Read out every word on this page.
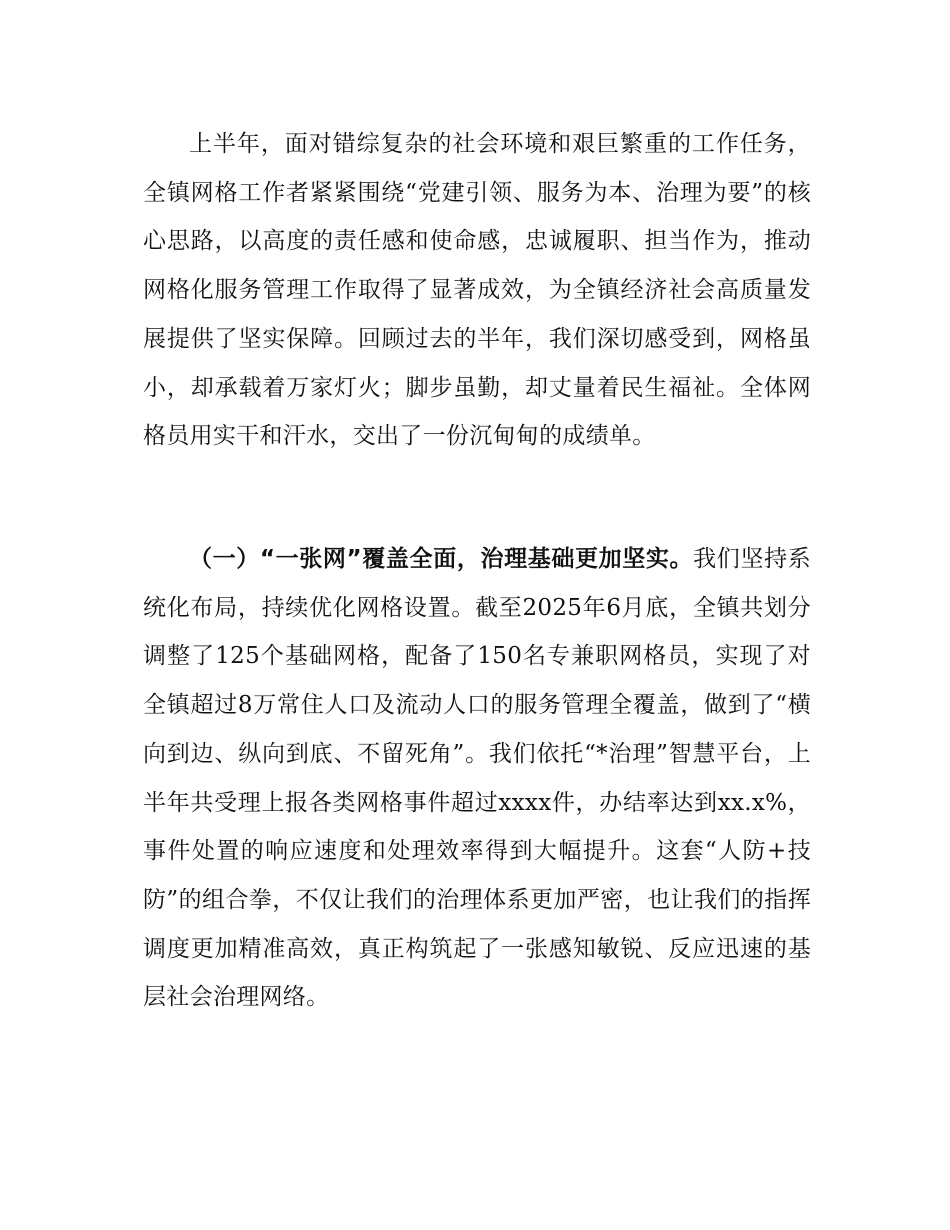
上半年，面对错综复杂的社会环境和艰巨繁重的工作任务，全镇网格工作者紧紧围绕“党建引领、服务为本、治理为要”的核心思路，以高度的责任感和使命感，忠诚履职、担当作为，推动网格化服务管理工作取得了显著成效，为全镇经济社会高质量发展提供了坚实保障。回顾过去的半年，我们深切感受到，网格虽小，却承载着万家灯火；脚步虽勤，却丈量着民生福祉。全体网格员用实干和汗水，交出了一份沉甸甸的成绩单。

（一）“一张网”覆盖全面，治理基础更加坚实。我们坚持系统化布局，持续优化网格设置。截至2025年6月底，全镇共划分调整了125个基础网格，配备了150名专兼职网格员，实现了对全镇超过8万常住人口及流动人口的服务管理全覆盖，做到了“横向到边、纵向到底、不留死角”。我们依托“*治理”智慧平台，上半年共受理上报各类网格事件超过xxxx件，办结率达到xx.x%，事件处置的响应速度和处理效率得到大幅提升。这套“人防+技防”的组合拳，不仅让我们的治理体系更加严密，也让我们的指挥调度更加精准高效，真正构筑起了一张感知敏锐、反应迅速的基层社会治理网络。
